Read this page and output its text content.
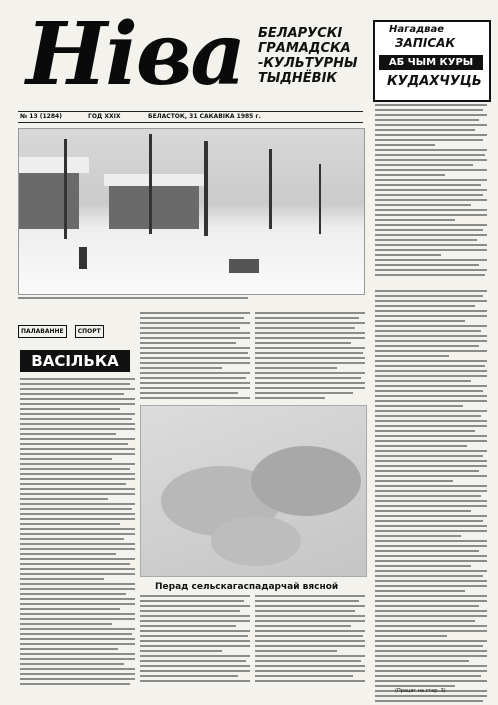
Ніва БЕЛАРУСКІ
ГРАМАДСКА
-КУЛЬТУРНЫ
ТЫДНЁВІК
Нагадвае
ЗАПІСАК
АБ ЧЫМ КУРЫ
КУДАХЧУЦЬ
№ 13 (1284)	ГОД XXIX	БЕЛАСТОК, 31 САКАВІКА 1985 г.
ПАЛАВАННЕ СПОРТ
ВАСІЛЬКА
Перад сельскагаспадарчай вясной
(Працяг на стар. 3)
